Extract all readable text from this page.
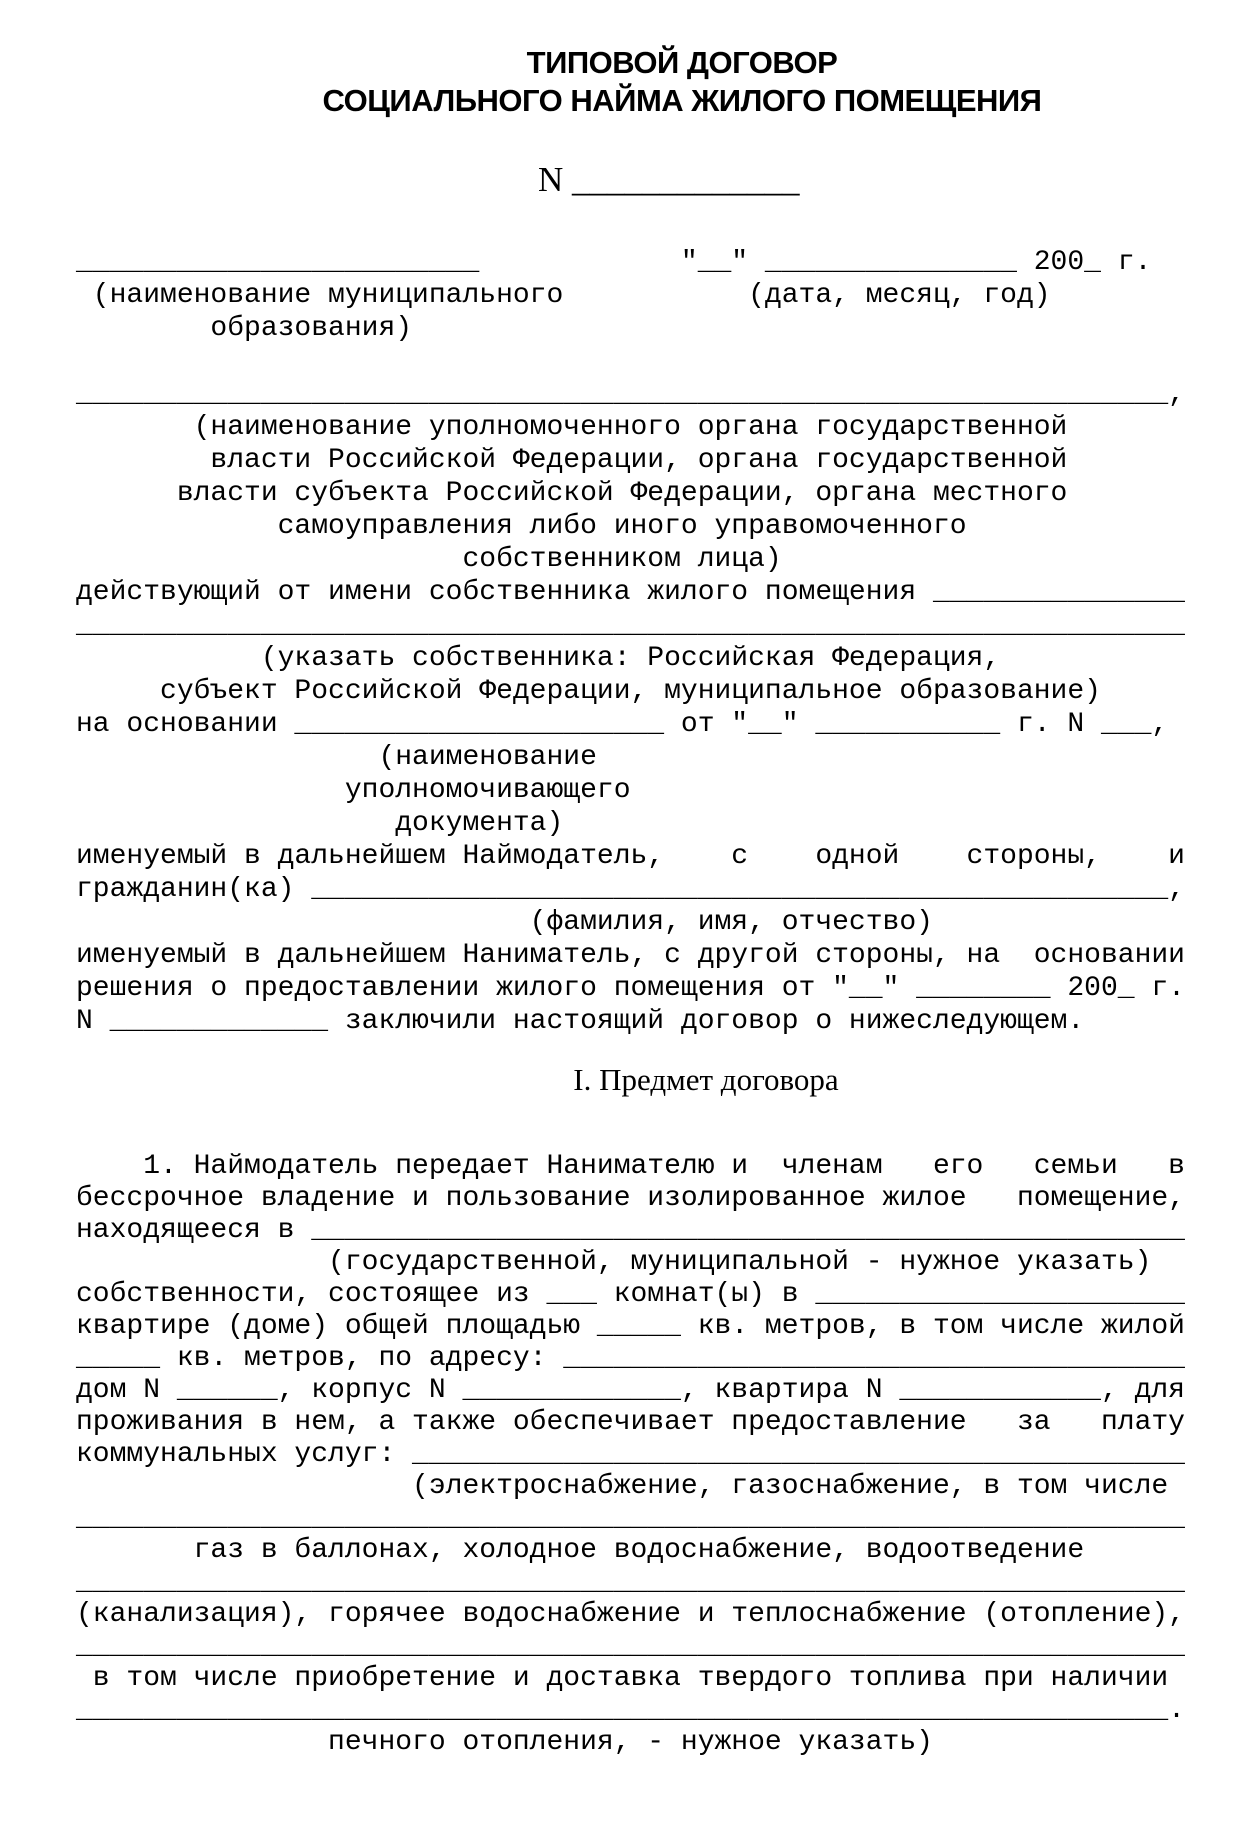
ТИПОВОЙ ДОГОВОР
СОЦИАЛЬНОГО НАЙМА ЖИЛОГО ПОМЕЩЕНИЯ
N _____________
________________________            "__" _______________ 200_ г.
(наименование муниципального           (дата, месяц, год)
образования)
_________________________________________________________________,
(наименование уполномоченного органа государственной
власти Российской Федерации, органа государственной
власти субъекта Российской Федерации, органа местного
самоуправления либо иного управомоченного
собственником лица)
действующий от имени собственника жилого помещения _______________
__________________________________________________________________
(указать собственника: Российская Федерация,
субъект Российской Федерации, муниципальное образование)
на основании ______________________ от "__" ___________ г. N ___,
(наименование
уполномочивающего
документа)
именуемый в дальнейшем Наймодатель,    с    одной    стороны,    и
гражданин(ка) ___________________________________________________,
(фамилия, имя, отчество)
именуемый в дальнейшем Наниматель, с другой стороны, на  основании
решения о предоставлении жилого помещения от "__" ________ 200_ г.
N _____________ заключили настоящий договор о нижеследующем.
I. Предмет договора
1. Наймодатель передает Нанимателю и  членам   его   семьи   в
бессрочное владение и пользование изолированное жилое   помещение,
находящееся в ____________________________________________________
(государственной, муниципальной - нужное указать)
собственности, состоящее из ___ комнат(ы) в ______________________
квартире (доме) общей площадью _____ кв. метров, в том числе жилой
_____ кв. метров, по адресу: _____________________________________
дом N ______, корпус N _____________, квартира N ____________, для
проживания в нем, а также обеспечивает предоставление   за   плату
коммунальных услуг: ______________________________________________
(электроснабжение, газоснабжение, в том числе
__________________________________________________________________
газ в баллонах, холодное водоснабжение, водоотведение
__________________________________________________________________
(канализация), горячее водоснабжение и теплоснабжение (отопление),
__________________________________________________________________
в том числе приобретение и доставка твердого топлива при наличии
_________________________________________________________________.
печного отопления, - нужное указать)
